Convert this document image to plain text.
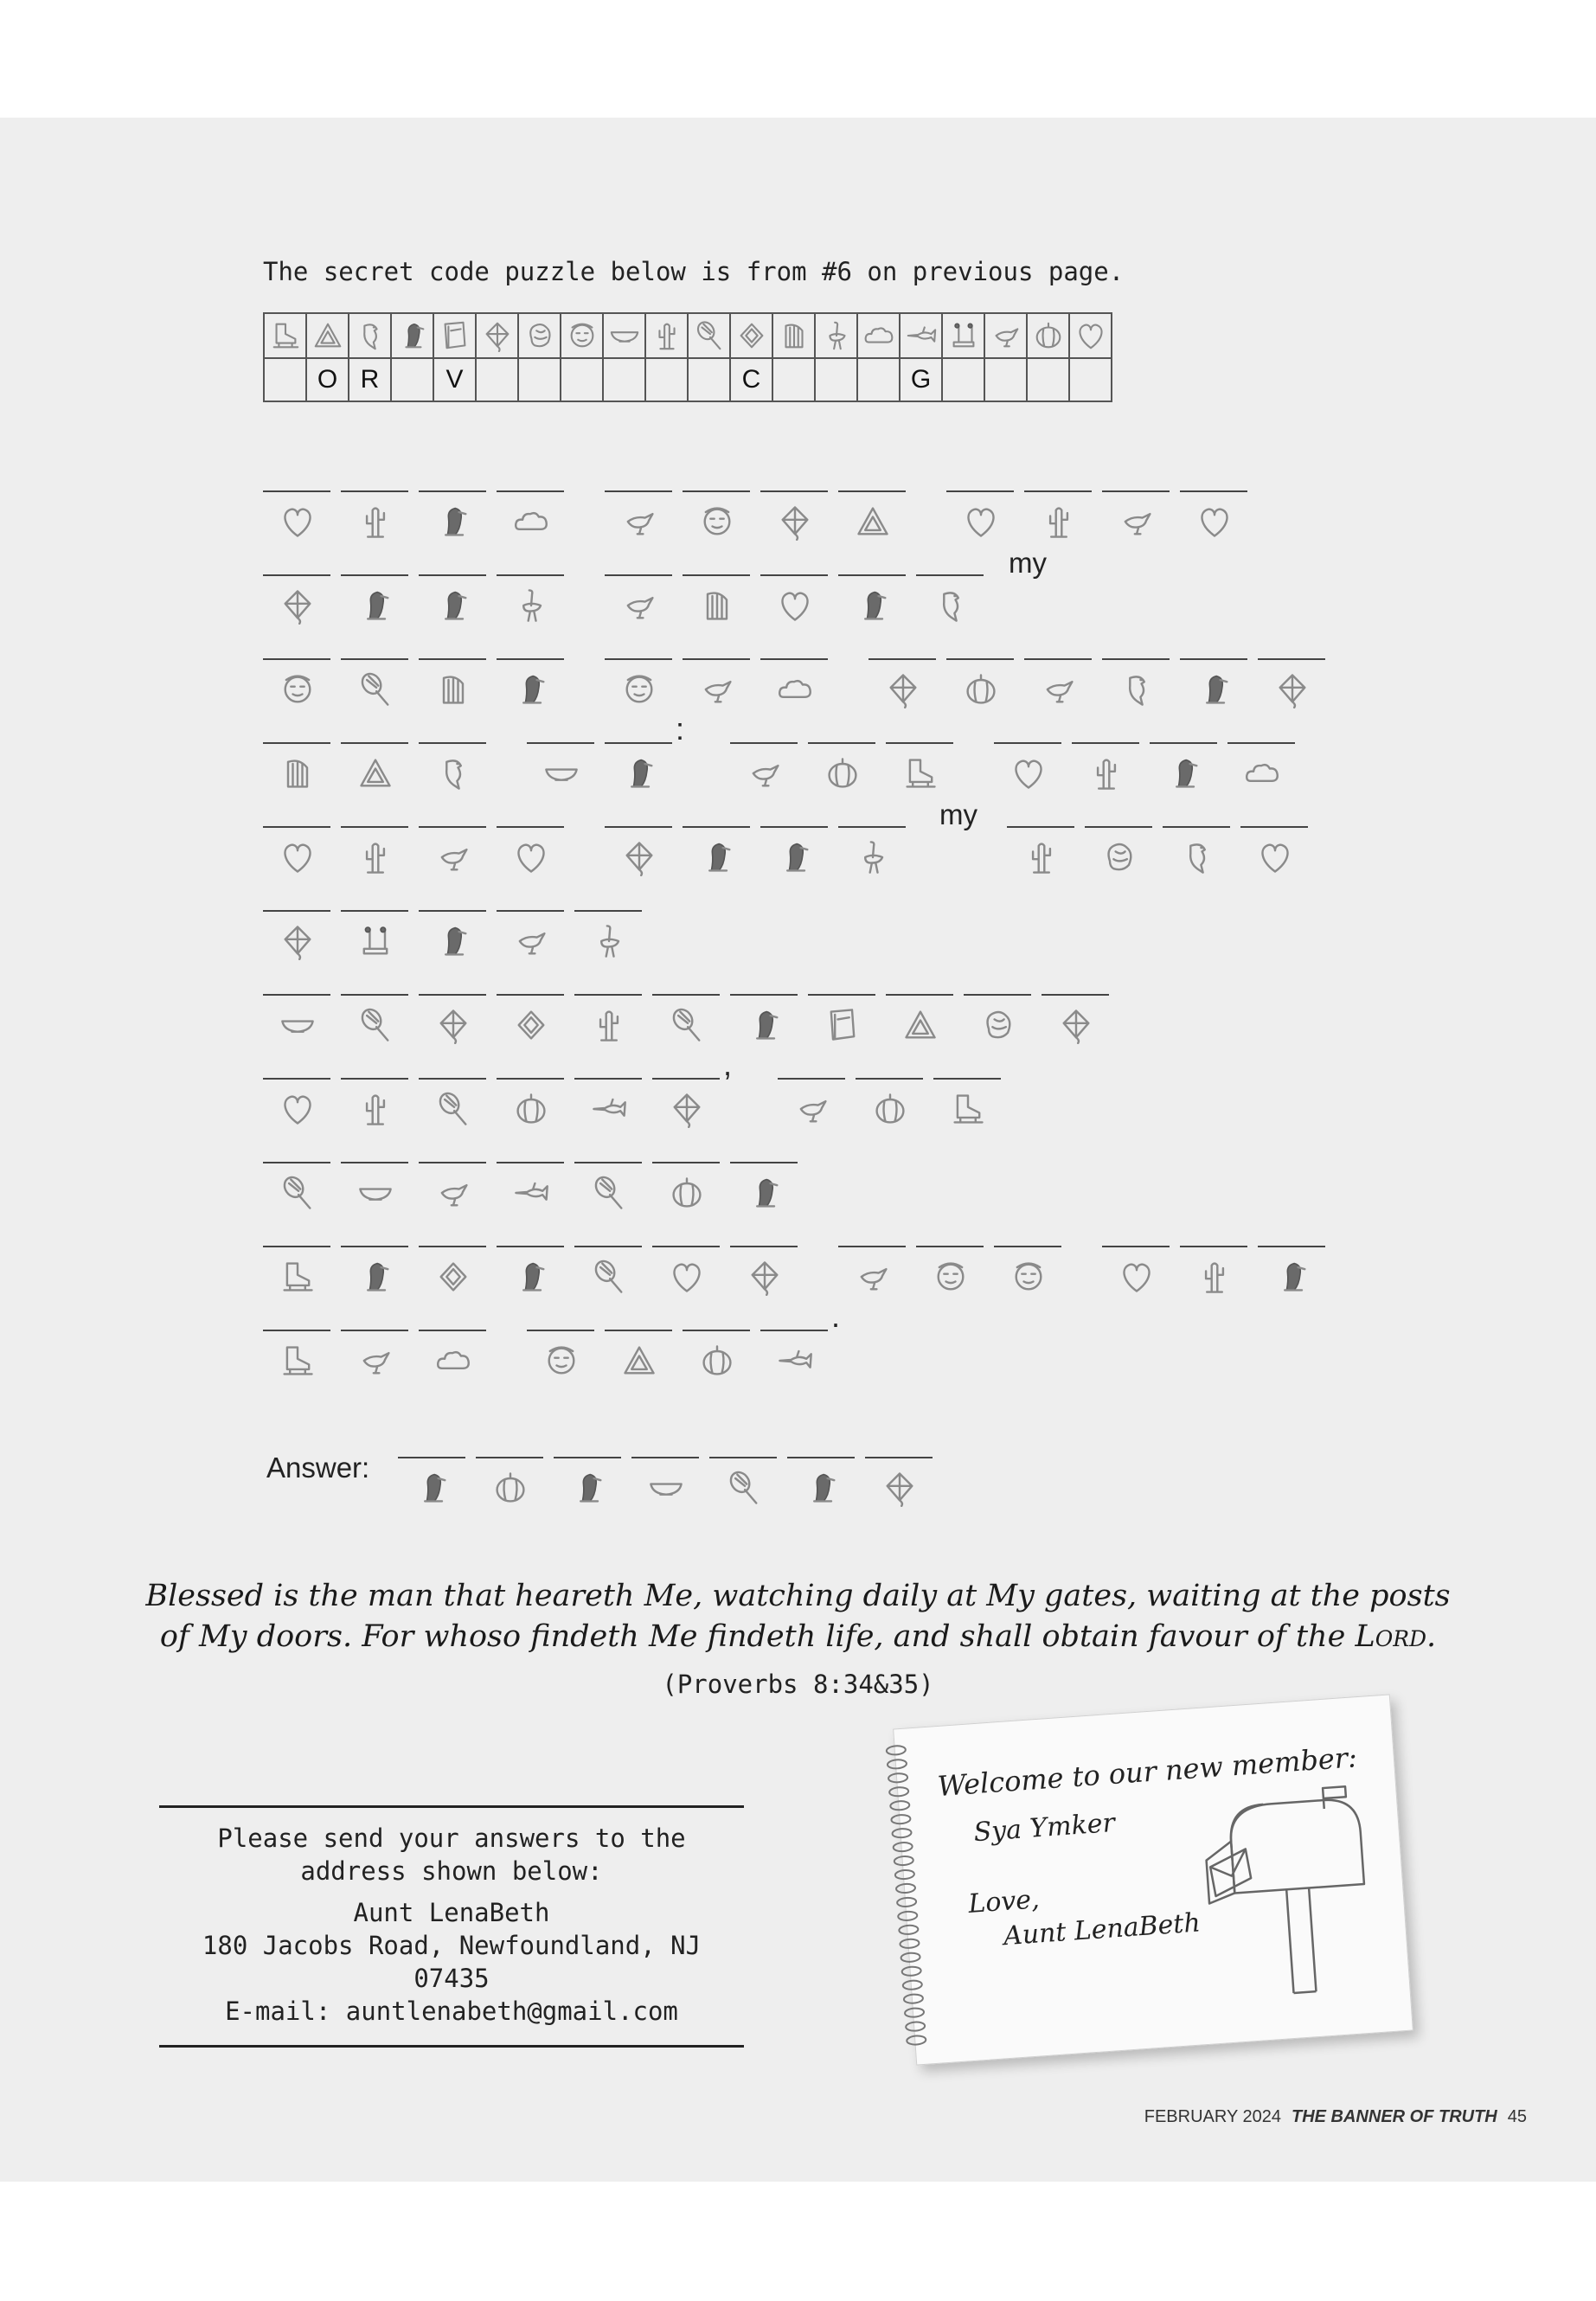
The secret code puzzle below is from #6 on previous page.

	O	R		V							C				G				
my
:
my
,
.
Answer:
Blessed is the man that heareth Me, watching daily at My gates, waiting at the posts
of My doors. For whoso findeth Me findeth life, and shall obtain favour of the Lord.
(Proverbs 8:34&35)
Please send your answers to the
address shown below:
Aunt LenaBeth
180 Jacobs Road, Newfoundland, NJ 07435
E-mail: auntlenabeth@gmail.com
Welcome to our new member:
Sya Ymker
Love,
Aunt LenaBeth
FEBRUARY 2024 THE BANNER OF TRUTH 45
